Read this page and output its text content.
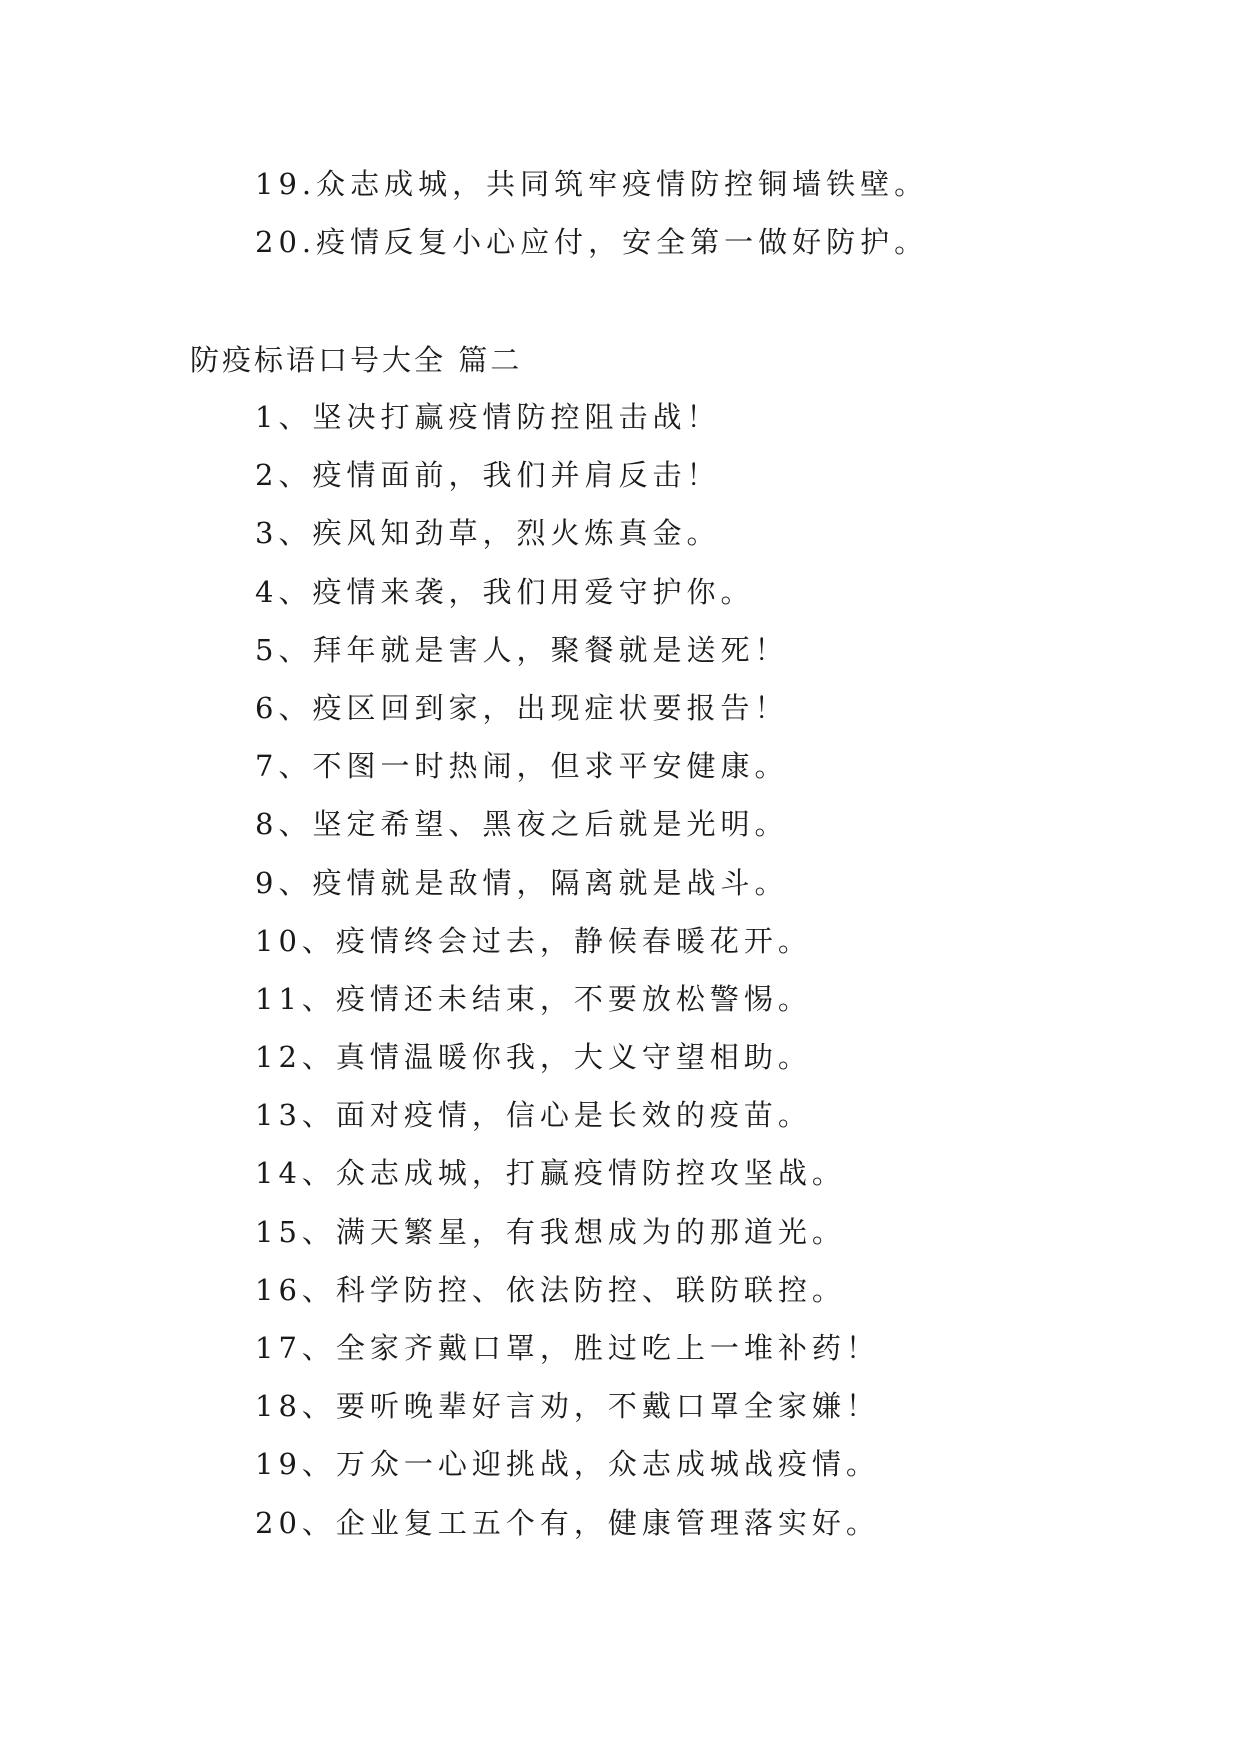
19.众志成城，共同筑牢疫情防控铜墙铁壁。

20.疫情反复小心应付，安全第一做好防护。

防疫标语口号大全 篇二

1、坚决打赢疫情防控阻击战！

2、疫情面前，我们并肩反击！

3、疾风知劲草，烈火炼真金。

4、疫情来袭，我们用爱守护你。

5、拜年就是害人，聚餐就是送死！

6、疫区回到家，出现症状要报告！

7、不图一时热闹，但求平安健康。

8、坚定希望、黑夜之后就是光明。

9、疫情就是敌情，隔离就是战斗。

10、疫情终会过去，静候春暖花开。

11、疫情还未结束，不要放松警惕。

12、真情温暖你我，大义守望相助。

13、面对疫情，信心是长效的疫苗。

14、众志成城，打赢疫情防控攻坚战。

15、满天繁星，有我想成为的那道光。

16、科学防控、依法防控、联防联控。

17、全家齐戴口罩，胜过吃上一堆补药！

18、要听晚辈好言劝，不戴口罩全家嫌！

19、万众一心迎挑战，众志成城战疫情。

20、企业复工五个有，健康管理落实好。
